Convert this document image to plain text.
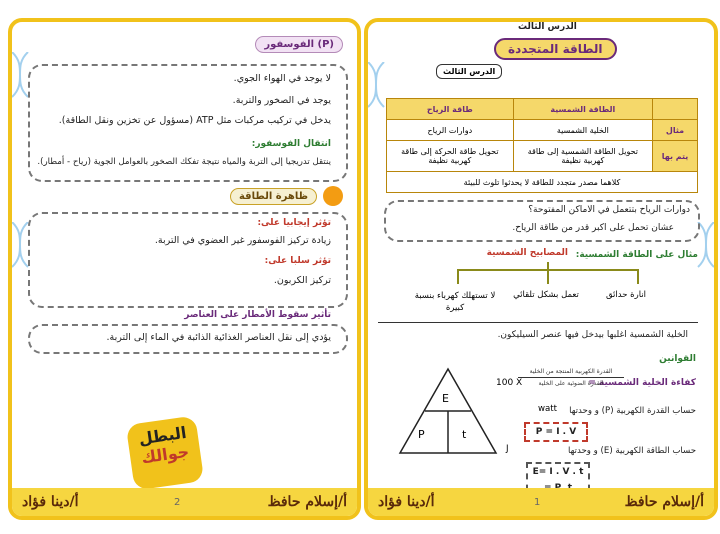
الفوسفور (P)
لا يوجد في الهواء الجوي.
يوجد في الصخور والتربة.
يدخل في تركيب مركبات مثل ATP (مسؤول عن تخزين ونقل الطاقة).
انتقال الفوسفور:
ينتقل تدريجيا إلى التربة والمياه نتيجة تفكك الصخور بالعوامل الجوية (رياح - أمطار).
ظاهرة الطاقة
تؤثر إيجابيا على:
زيادة تركيز الفوسفور غير العضوي في التربة.
تؤثر سلبا على:
تركيز الكربون.
تأثير سقوط الأمطار على العناصر
يؤدي إلى نقل العناصر الغذائية الذائبة في الماء إلى التربة.
البطل
جوالك
أ/دينا فؤاد	2	أ/إسلام حافظ
الدرس الثالث
الطاقة المتجددة
الدرس الثالث
	الطاقة الشمسية	طاقة الرياح
مثال	الخلية الشمسية	دوارات الرياح
يتم بها	تحويل الطاقة الشمسية إلى طاقة كهربية نظيفة	تحويل طاقة الحركة إلى طاقة كهربية نظيفة
كلاهما مصدر متجدد للطاقة لا يحدثوا تلوث للبيئة		
دوارات الرياح بتتعمل في الاماكن المفتوحة؟
عشان تحمل على اكبر قدر من طاقة الرياح.
مثال على الطاقة الشمسية:
المصابيح الشمسية
انارة حدائق
تعمل بشكل تلقائي
لا تستهلك كهرباء بنسبة كبيرة
الخلية الشمسية اغلبها بيدخل فيها عنصر السيليكون.
القوانين
كفاءة الخلية الشمسية =
القدرة الكهربية المنتجة من الخلية
القدرة الضوئية على الخلية
100 X
E
P	t
حساب القدرة الكهربية (P) و وحدتها
watt
P = I . V
حساب الطاقة الكهربية (E) و وحدتها
J
E= I . V . t
أ/دينا فؤاد	1	أ/إسلام حافظ
